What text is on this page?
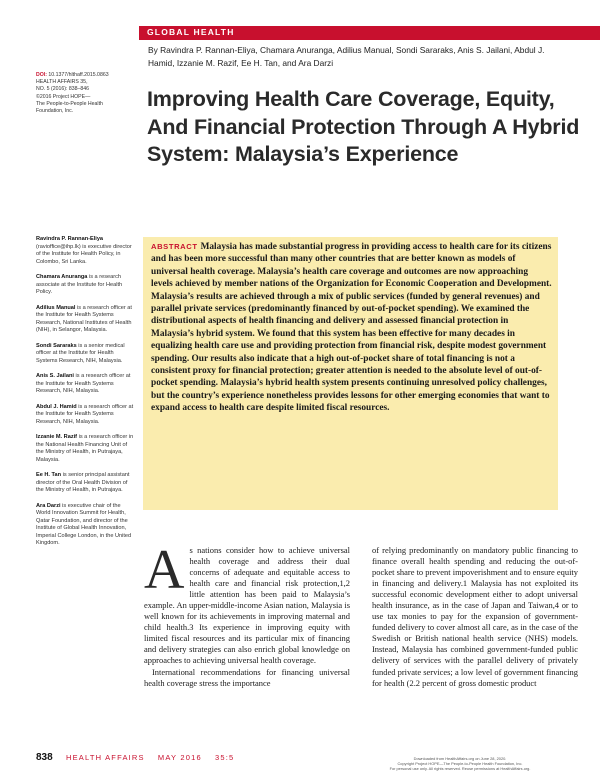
GLOBAL HEALTH
DOI: 10.1377/hlthaff.2015.0863
HEALTH AFFAIRS 35,
NO. 5 (2016): 838–846
©2016 Project HOPE—
The People-to-People Health
Foundation, Inc.
By Ravindra P. Rannan-Eliya, Chamara Anuranga, Adilius Manual, Sondi Sararaks, Anis S. Jailani, Abdul J. Hamid, Izzanie M. Razif, Ee H. Tan, and Ara Darzi
Improving Health Care Coverage, Equity, And Financial Protection Through A Hybrid System: Malaysia’s Experience

ABSTRACT Malaysia has made substantial progress in providing access to health care for its citizens and has been more successful than many other countries that are better known as models of universal health coverage. Malaysia’s health care coverage and outcomes are now approaching levels achieved by member nations of the Organization for Economic Cooperation and Development. Malaysia’s results are achieved through a mix of public services (funded by general revenues) and parallel private services (predominantly financed by out-of-pocket spending). We examined the distributional aspects of health financing and delivery and assessed financial protection in Malaysia’s hybrid system. We found that this system has been effective for many decades in equalizing health care use and providing protection from financial risk, despite modest government spending. Our results also indicate that a high out-of-pocket share of total financing is not a consistent proxy for financial protection; greater attention is needed to the absolute level of out-of-pocket spending. Malaysia’s hybrid health system presents continuing unresolved policy challenges, but the country’s experience nonetheless provides lessons for other emerging economies that want to expand access to health care despite limited fiscal resources.

Ravindra P. Rannan-Eliya (ravioffice@ihp.lk) is executive director of the Institute for Health Policy, in Colombo, Sri Lanka.
Chamara Anuranga is a research associate at the Institute for Health Policy.
Adilius Manual is a research officer at the Institute for Health Systems Research, National Institutes of Health (NIH), in Selangor, Malaysia.
Sondi Sararaks is a senior medical officer at the Institute for Health Systems Research, NIH, Malaysia.
Anis S. Jailani is a research officer at the Institute for Health Systems Research, NIH, Malaysia.
Abdul J. Hamid is a research officer at the Institute for Health Systems Research, NIH, Malaysia.
Izzanie M. Razif is a research officer in the National Health Financing Unit of the Ministry of Health, in Putrajaya, Malaysia.
Ee H. Tan is senior principal assistant director of the Oral Health Division of the Ministry of Health, in Putrajaya.
Ara Darzi is executive chair of the World Innovation Summit for Health, Qatar Foundation, and director of the Institute of Global Health Innovation, Imperial College London, in the United Kingdom.	As nations consider how to achieve universal health coverage and address their dual concerns of adequate and equitable access to health care and financial risk protection,1,2 little attention has been paid to Malaysia’s example. An upper-middle-income Asian nation, Malaysia is well known for its achievements in improving maternal and child health.3 Its experience in improving equity with limited fiscal resources and its particular mix of financing and delivery strategies can also enrich global knowledge on approaches to achieving universal health coverage.

International recommendations for financing universal health coverage stress the importance

of relying predominantly on mandatory public financing to finance overall health spending and reducing the out-of-pocket share to prevent impoverishment and to ensure equity in financing and delivery.1 Malaysia has not exploited its successful economic development either to adopt universal health insurance, as in the case of Japan and Taiwan,4 or to use tax monies to pay for the expansion of government-funded delivery to cover almost all care, as in the case of the Swedish or British national health service (NHS) models. Instead, Malaysia has combined government-funded public delivery of services with the parallel delivery of privately funded private services; a low level of government financing for health (2.2 percent of gross domestic product

838 HEALTH AFFAIRS MAY 2016 35:5	Downloaded from HealthAffairs.org on June 28, 2020.
Copyright Project HOPE—The People-to-People Health Foundation, Inc.
For personal use only. All rights reserved. Reuse permissions at HealthAffairs.org.
